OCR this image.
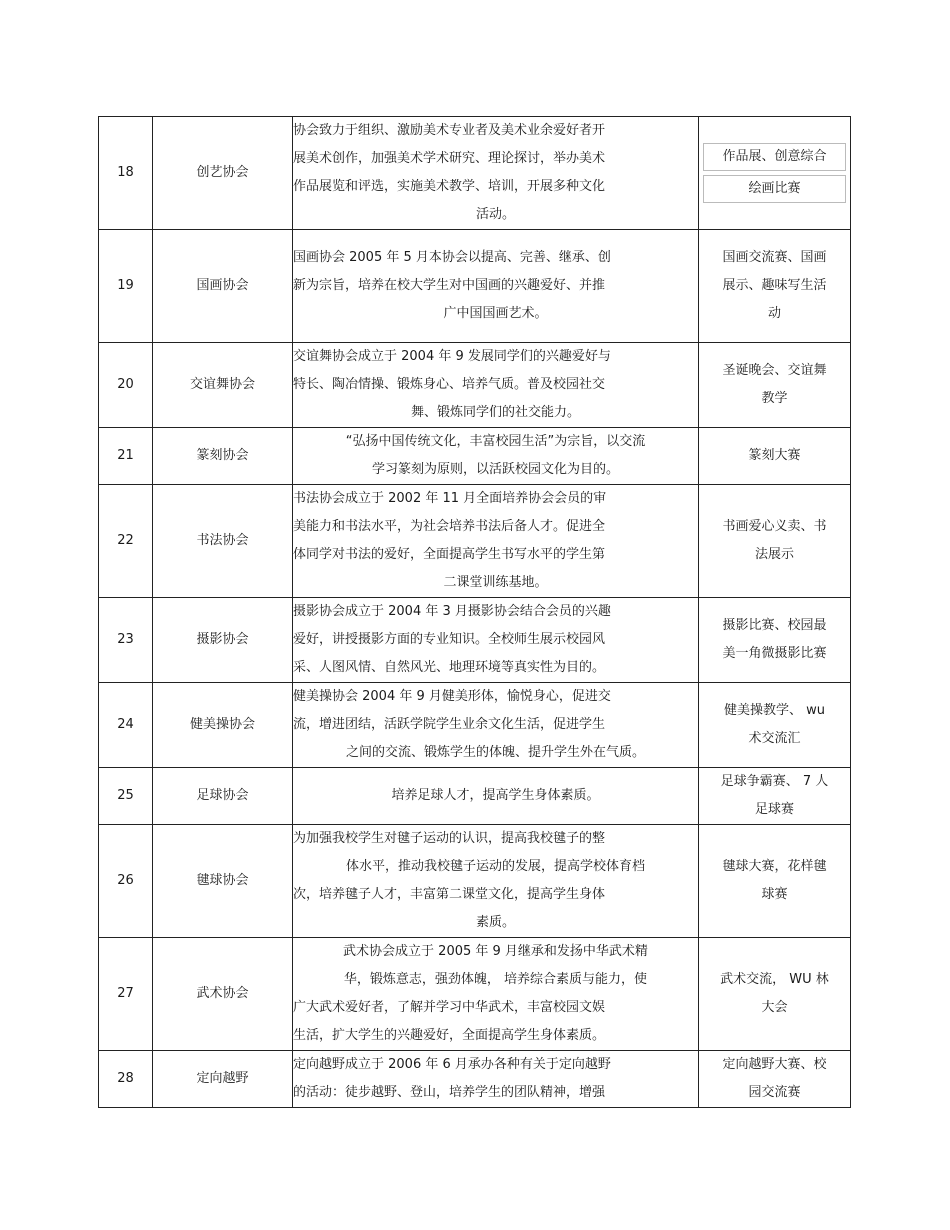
18	创艺协会	协会致力于组织、激励美术专业者及美术业余爱好者开
展美术创作，加强美术学术研究、理论探讨，举办美术
作品展览和评选，实施美术教学、培训，开展多种文化
活动。	作品展、创意综合
绘画比赛

19	国画协会	国画协会 2005 年 5 月本协会以提高、完善、继承、创
新为宗旨，培养在校大学生对中国画的兴趣爱好、并推
广中国国画艺术。	国画交流赛、国画
展示、趣味写生活
动

20	交谊舞协会	交谊舞协会成立于 2004 年 9 发展同学们的兴趣爱好与
特长、陶冶情操、锻炼身心、培养气质。普及校园社交
舞、锻炼同学们的社交能力。	圣诞晚会、交谊舞
教学

21	篆刻协会	“弘扬中国传统文化，丰富校园生活”为宗旨，以交流
学习篆刻为原则，以活跃校园文化为目的。	篆刻大赛

22	书法协会	书法协会成立于 2002 年 11 月全面培养协会会员的审
美能力和书法水平，为社会培养书法后备人才。促进全
体同学对书法的爱好，全面提高学生书写水平的学生第
二课堂训练基地。	书画爱心义卖、书
法展示

23	摄影协会	摄影协会成立于 2004 年 3 月摄影协会结合会员的兴趣
爱好，讲授摄影方面的专业知识。全校师生展示校园风
采、人图风情、自然风光、地理环境等真实性为目的。	摄影比赛、校园最
美一角微摄影比赛

24	健美操协会	健美操协会 2004 年 9 月健美形体，愉悦身心，促进交
流，增进团结，活跃学院学生业余文化生活，促进学生
之间的交流、锻炼学生的体魄、提升学生外在气质。	健美操教学、 wu
术交流汇

25	足球协会	培养足球人才，提高学生身体素质。	足球争霸赛、 7 人
足球赛

26	毽球协会	为加强我校学生对毽子运动的认识，提高我校毽子的整
体水平，推动我校毽子运动的发展，提高学校体育档
次，培养毽子人才，丰富第二课堂文化，提高学生身体
素质。	毽球大赛，花样毽
球赛

27	武术协会	武术协会成立于 2005 年 9 月继承和发扬中华武术精
华，锻炼意志，强劲体魄， 培养综合素质与能力，使
广大武术爱好者，了解并学习中华武术，丰富校园文娱
生活，扩大学生的兴趣爱好，全面提高学生身体素质。	武术交流， WU 林
大会

28	定向越野	定向越野成立于 2006 年 6 月承办各种有关于定向越野
的活动：徒步越野、登山，培养学生的团队精神，增强	定向越野大赛、校
园交流赛
